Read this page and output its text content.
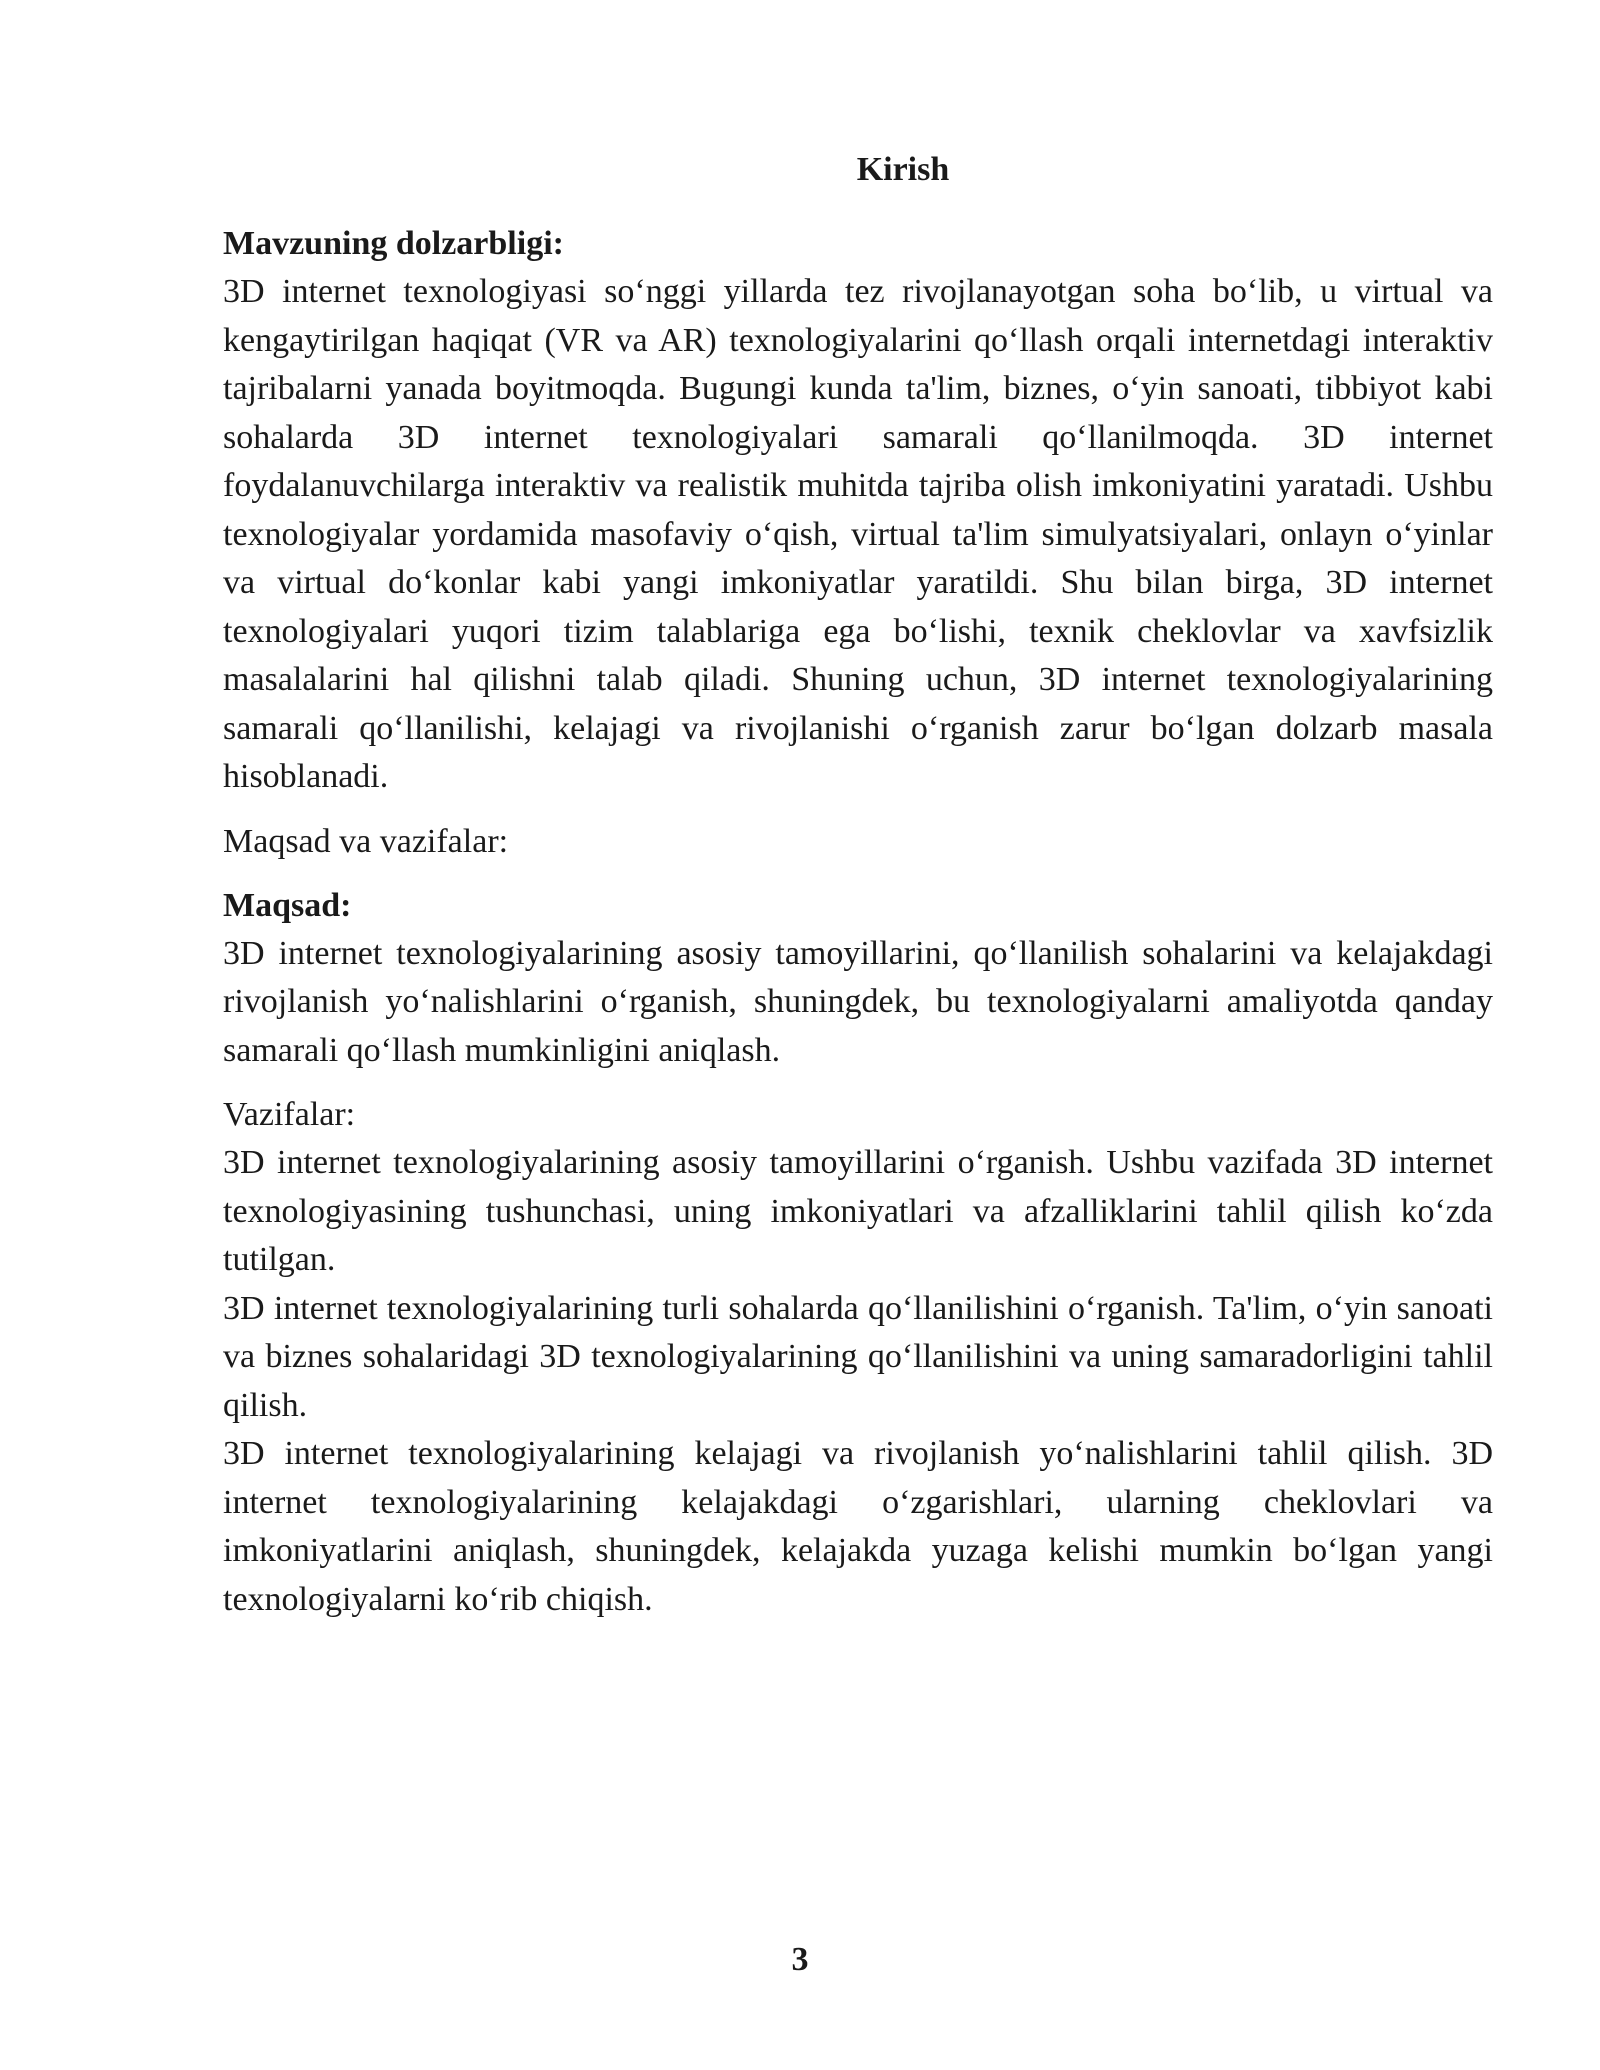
Kirish
Mavzuning dolzarbligi:

3D internet texnologiyasi so‘nggi yillarda tez rivojlanayotgan soha bo‘lib, u virtual va kengaytirilgan haqiqat (VR va AR) texnologiyalarini qo‘llash orqali internetdagi interaktiv tajribalarni yanada boyitmoqda. Bugungi kunda ta'lim, biznes, o‘yin sanoati, tibbiyot kabi sohalarda 3D internet texnologiyalari samarali qo‘llanilmoqda. 3D internet foydalanuvchilarga interaktiv va realistik muhitda tajriba olish imkoniyatini yaratadi. Ushbu texnologiyalar yordamida masofaviy o‘qish, virtual ta'lim simulyatsiyalari, onlayn o‘yinlar va virtual do‘konlar kabi yangi imkoniyatlar yaratildi. Shu bilan birga, 3D internet texnologiyalari yuqori tizim talablariga ega bo‘lishi, texnik cheklovlar va xavfsizlik masalalarini hal qilishni talab qiladi. Shuning uchun, 3D internet texnologiyalarining samarali qo‘llanilishi, kelajagi va rivojlanishi o‘rganish zarur bo‘lgan dolzarb masala hisoblanadi.

Maqsad va vazifalar:
Maqsad:

3D internet texnologiyalarining asosiy tamoyillarini, qo‘llanilish sohalarini va kelajakdagi rivojlanish yo‘nalishlarini o‘rganish, shuningdek, bu texnologiyalarni amaliyotda qanday samarali qo‘llash mumkinligini aniqlash.

Vazifalar:

3D internet texnologiyalarining asosiy tamoyillarini o‘rganish. Ushbu vazifada 3D internet texnologiyasining tushunchasi, uning imkoniyatlari va afzalliklarini tahlil qilish ko‘zda tutilgan.

3D internet texnologiyalarining turli sohalarda qo‘llanilishini o‘rganish. Ta'lim, o‘yin sanoati va biznes sohalaridagi 3D texnologiyalarining qo‘llanilishini va uning samaradorligini tahlil qilish.

3D internet texnologiyalarining kelajagi va rivojlanish yo‘nalishlarini tahlil qilish. 3D internet texnologiyalarining kelajakdagi o‘zgarishlari, ularning cheklovlari va imkoniyatlarini aniqlash, shuningdek, kelajakda yuzaga kelishi mumkin bo‘lgan yangi texnologiyalarni ko‘rib chiqish.

3
